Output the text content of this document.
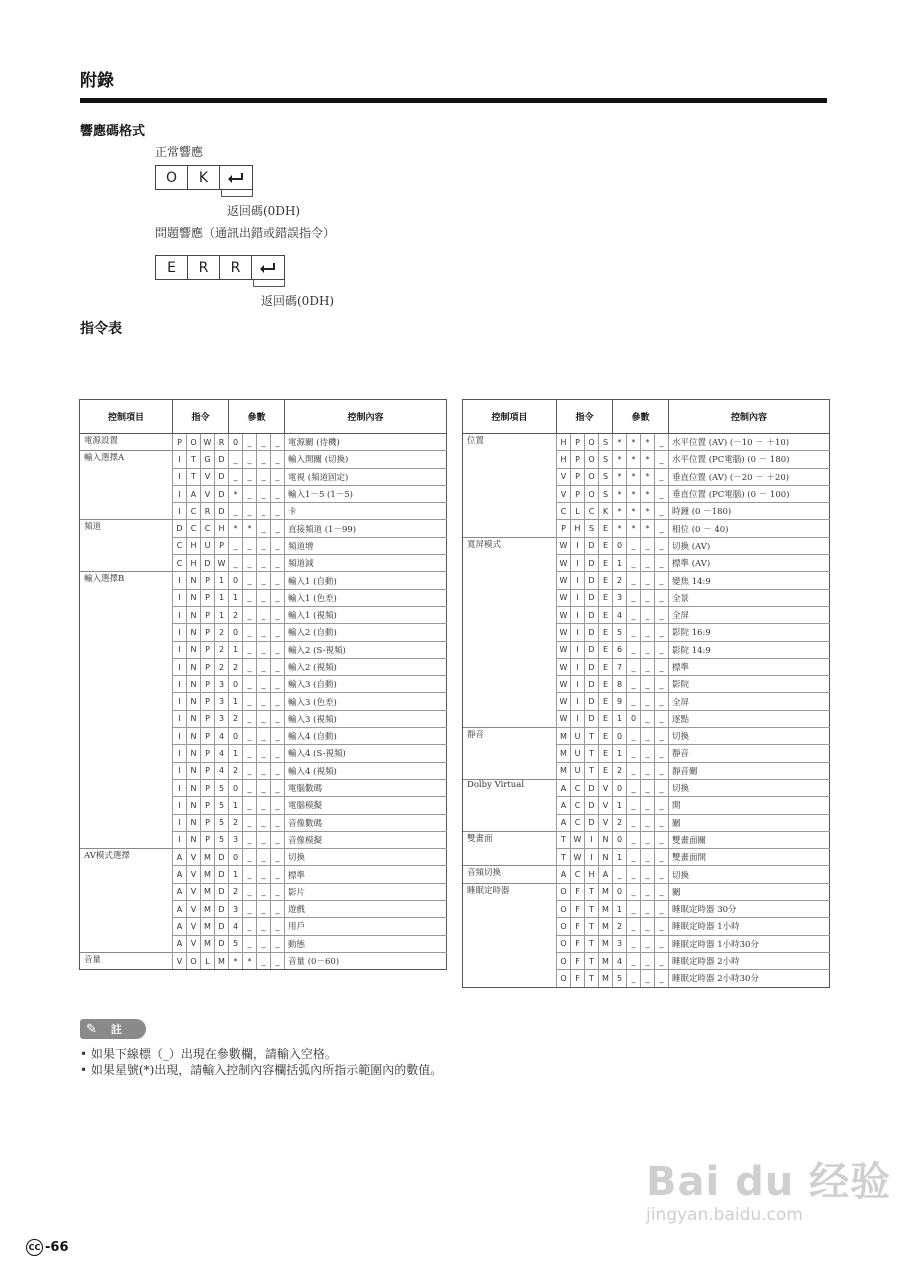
附錄
響應碼格式
正常響應
O	K
返回碼(0DH)
問題響應（通訊出錯或錯誤指令）
E	R	R
返回碼(0DH)
指令表
控制項目	指令				參數				控制內容
電源設置	P	O	W	R	0	_	_	_	電源關 (待機)
輸入選擇A	I	T	G	D	_	_	_	_	輸入開關 (切換)
	I	T	V	D	_	_	_	_	電視 (頻道固定)
	I	A	V	D	*	_	_	_	輸入1－5 (1－5)
	I	C	R	D	_	_	_	_	卡
頻道	D	C	C	H	*	*	_	_	直接頻道 (1－99)
	C	H	U	P	_	_	_	_	頻道增
	C	H	D	W	_	_	_	_	頻道減
輸入選擇B	I	N	P	1	0	_	_	_	輸入1 (自動)
	I	N	P	1	1	_	_	_	輸入1 (色差)
	I	N	P	1	2	_	_	_	輸入1 (視頻)
	I	N	P	2	0	_	_	_	輸入2 (自動)
	I	N	P	2	1	_	_	_	輸入2 (S-視頻)
	I	N	P	2	2	_	_	_	輸入2 (視頻)
	I	N	P	3	0	_	_	_	輸入3 (自動)
	I	N	P	3	1	_	_	_	輸入3 (色差)
	I	N	P	3	2	_	_	_	輸入3 (視頻)
	I	N	P	4	0	_	_	_	輸入4 (自動)
	I	N	P	4	1	_	_	_	輸入4 (S-視頻)
	I	N	P	4	2	_	_	_	輸入4 (視頻)
	I	N	P	5	0	_	_	_	電腦數碼
	I	N	P	5	1	_	_	_	電腦模擬
	I	N	P	5	2	_	_	_	音像數碼
	I	N	P	5	3	_	_	_	音像模擬
AV模式選擇	A	V	M	D	0	_	_	_	切換
	A	V	M	D	1	_	_	_	標準
	A	V	M	D	2	_	_	_	影片
	A	V	M	D	3	_	_	_	遊戲
	A	V	M	D	4	_	_	_	用戶
	A	V	M	D	5	_	_	_	動態
音量	V	O	L	M	*	*	_	_	音量 (0－60)
控制項目	指令				參數				控制內容
位置	H	P	O	S	*	*	*	_	水平位置 (AV) (－10 － ＋10)
	H	P	O	S	*	*	*	_	水平位置 (PC電腦) (0 － 180)
	V	P	O	S	*	*	*	_	垂直位置 (AV) (－20 － ＋20)
	V	P	O	S	*	*	*	_	垂直位置 (PC電腦) (0 － 100)
	C	L	C	K	*	*	*	_	時鐘 (0 －180)
	P	H	S	E	*	*	*	_	相位 (0 － 40)
寬屏模式	W	I	D	E	0	_	_	_	切換 (AV)
	W	I	D	E	1	_	_	_	標準 (AV)
	W	I	D	E	2	_	_	_	變焦 14:9
	W	I	D	E	3	_	_	_	全景
	W	I	D	E	4	_	_	_	全屏
	W	I	D	E	5	_	_	_	影院 16:9
	W	I	D	E	6	_	_	_	影院 14:9
	W	I	D	E	7	_	_	_	標準
	W	I	D	E	8	_	_	_	影院
	W	I	D	E	9	_	_	_	全屏
	W	I	D	E	1	0	_	_	逐點
靜音	M	U	T	E	0	_	_	_	切換
	M	U	T	E	1	_	_	_	靜音
	M	U	T	E	2	_	_	_	靜音關
Dolby Virtual	A	C	D	V	0	_	_	_	切換
	A	C	D	V	1	_	_	_	開
	A	C	D	V	2	_	_	_	關
雙畫面	T	W	I	N	0	_	_	_	雙畫面關
	T	W	I	N	1	_	_	_	雙畫面開
音頻切換	A	C	H	A	_	_	_	_	切換
睡眠定時器	O	F	T	M	0	_	_	_	關
	O	F	T	M	1	_	_	_	睡眠定時器 30分
	O	F	T	M	2	_	_	_	睡眠定時器 1小時
	O	F	T	M	3	_	_	_	睡眠定時器 1小時30分
	O	F	T	M	4	_	_	_	睡眠定時器 2小時
	O	F	T	M	5	_	_	_	睡眠定時器 2小時30分
✎ 註
• 如果下線標（_）出現在參數欄，請輸入空格。
• 如果星號(*)出現，請輸入控制內容欄括弧內所指示範圍內的數值。
CC -66
Bai du 经验
jingyan.baidu.com
